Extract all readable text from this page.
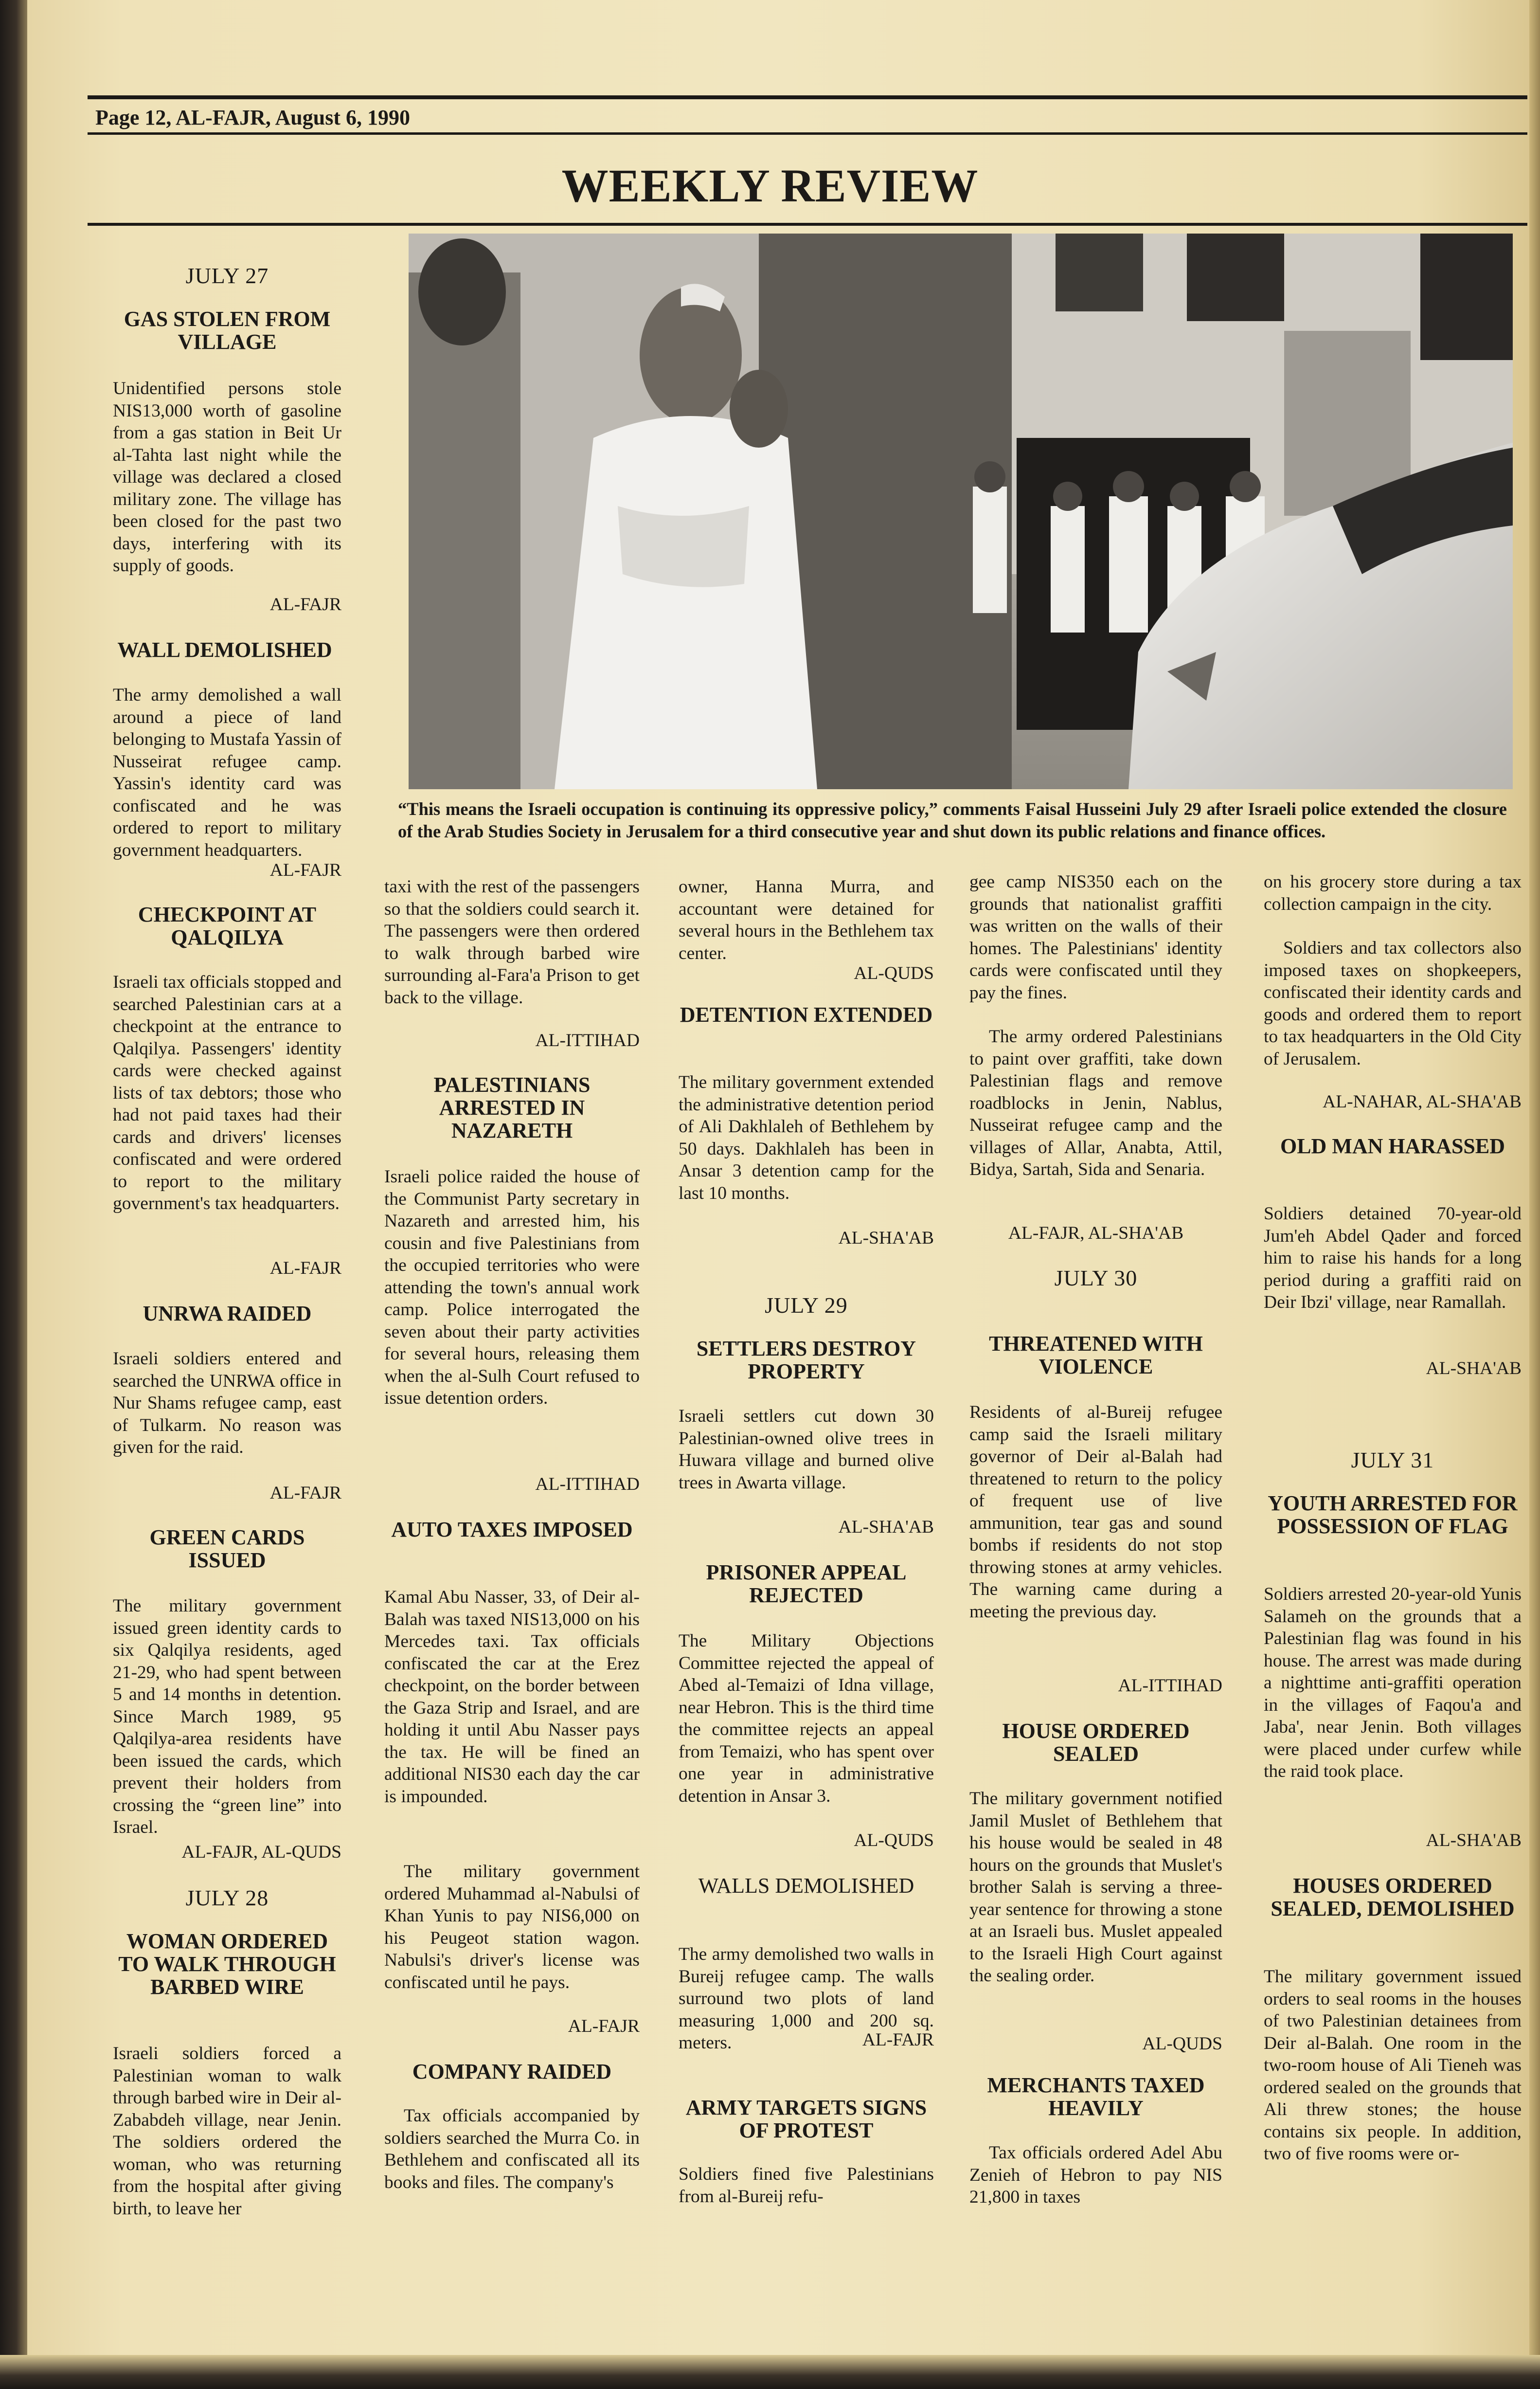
Page 12, AL-FAJR, August 6, 1990
WEEKLY REVIEW

“This means the Israeli occupation is continuing its oppressive policy,” comments Faisal Husseini July 29 after Israeli police extended the closure of the Arab Studies Society in Jerusalem for a third consecutive year and shut down its public relations and finance offices.

JULY 27

GAS STOLEN FROM VILLAGE

Unidentified persons stole NIS13,000 worth of gasoline from a gas station in Beit Ur al-Tahta last night while the village was declared a closed military zone. The village has been closed for the past two days, interfering with its supply of goods.

AL-FAJR

WALL DEMOLISHED

The army demolished a wall around a piece of land belonging to Mustafa Yassin of Nusseirat refugee camp. Yassin's identity card was confiscated and he was ordered to report to military government headquarters.

AL-FAJR

CHECKPOINT AT QALQILYA

Israeli tax officials stopped and searched Palestinian cars at a checkpoint at the entrance to Qalqilya. Passengers' identity cards were checked against lists of tax debtors; those who had not paid taxes had their cards and drivers' licenses confiscated and were ordered to report to the military government's tax headquarters.

AL-FAJR

UNRWA RAIDED

Israeli soldiers entered and searched the UNRWA office in Nur Shams refugee camp, east of Tulkarm. No reason was given for the raid.

AL-FAJR

GREEN CARDS ISSUED

The military government issued green identity cards to six Qalqilya residents, aged 21-29, who had spent between 5 and 14 months in detention. Since March 1989, 95 Qalqilya-area residents have been issued the cards, which prevent their holders from crossing the “green line” into Israel.

AL-FAJR, AL-QUDS

JULY 28

WOMAN ORDERED TO WALK THROUGH BARBED WIRE

Israeli soldiers forced a Palestinian woman to walk through barbed wire in Deir al-Zababdeh village, near Jenin. The soldiers ordered the woman, who was returning from the hospital after giving birth, to leave her

taxi with the rest of the passengers so that the soldiers could search it. The passengers were then ordered to walk through barbed wire surrounding al-Fara'a Prison to get back to the village.

AL-ITTIHAD

PALESTINIANS ARRESTED IN NAZARETH

Israeli police raided the house of the Communist Party secretary in Nazareth and arrested him, his cousin and five Palestinians from the occupied territories who were attending the town's annual work camp. Police interrogated the seven about their party activities for several hours, releasing them when the al-Sulh Court refused to issue detention orders.

AL-ITTIHAD

AUTO TAXES IMPOSED

Kamal Abu Nasser, 33, of Deir al-Balah was taxed NIS13,000 on his Mercedes taxi. Tax officials confiscated the car at the Erez checkpoint, on the border between the Gaza Strip and Israel, and are holding it until Abu Nasser pays the tax. He will be fined an additional NIS30 each day the car is impounded.

The military government ordered Muhammad al-Nabulsi of Khan Yunis to pay NIS6,000 on his Peugeot station wagon. Nabulsi's driver's license was confiscated until he pays.

AL-FAJR

COMPANY RAIDED

Tax officials accompanied by soldiers searched the Murra Co. in Bethlehem and confiscated all its books and files. The company's

owner, Hanna Murra, and accountant were detained for several hours in the Bethlehem tax center.

AL-QUDS

DETENTION EXTENDED

The military government extended the administrative detention period of Ali Dakhlaleh of Bethlehem by 50 days. Dakhlaleh has been in Ansar 3 detention camp for the last 10 months.

AL-SHA'AB

JULY 29

SETTLERS DESTROY PROPERTY

Israeli settlers cut down 30 Palestinian-owned olive trees in Huwara village and burned olive trees in Awarta village.

AL-SHA'AB

PRISONER APPEAL REJECTED

The Military Objections Committee rejected the appeal of Abed al-Temaizi of Idna village, near Hebron. This is the third time the committee rejects an appeal from Temaizi, who has spent over one year in administrative detention in Ansar 3.

AL-QUDS

WALLS DEMOLISHED

The army demolished two walls in Bureij refugee camp. The walls surround two plots of land measuring 1,000 and 200 sq. meters.	AL-FAJR

ARMY TARGETS SIGNS OF PROTEST

Soldiers fined five Palestinians from al-Bureij refu-

gee camp NIS350 each on the grounds that nationalist graffiti was written on the walls of their homes. The Palestinians' identity cards were confiscated until they pay the fines.

The army ordered Palestinians to paint over graffiti, take down Palestinian flags and remove roadblocks in Jenin, Nablus, Nusseirat refugee camp and the villages of Allar, Anabta, Attil, Bidya, Sartah, Sida and Senaria.

AL-FAJR, AL-SHA'AB

JULY 30

THREATENED WITH VIOLENCE

Residents of al-Bureij refugee camp said the Israeli military governor of Deir al-Balah had threatened to return to the policy of frequent use of live ammunition, tear gas and sound bombs if residents do not stop throwing stones at army vehicles. The warning came during a meeting the previous day.

AL-ITTIHAD

HOUSE ORDERED SEALED

The military government notified Jamil Muslet of Bethlehem that his house would be sealed in 48 hours on the grounds that Muslet's brother Salah is serving a three-year sentence for throwing a stone at an Israeli bus. Muslet appealed to the Israeli High Court against the sealing order.

AL-QUDS

MERCHANTS TAXED HEAVILY

Tax officials ordered Adel Abu Zenieh of Hebron to pay NIS 21,800 in taxes

on his grocery store during a tax collection campaign in the city.

Soldiers and tax collectors also imposed taxes on shopkeepers, confiscated their identity cards and goods and ordered them to report to tax headquarters in the Old City of Jerusalem.

AL-NAHAR, AL-SHA'AB

OLD MAN HARASSED

Soldiers detained 70-year-old Jum'eh Abdel Qader and forced him to raise his hands for a long period during a graffiti raid on Deir Ibzi' village, near Ramallah.

AL-SHA'AB

JULY 31

YOUTH ARRESTED FOR POSSESSION OF FLAG

Soldiers arrested 20-year-old Yunis Salameh on the grounds that a Palestinian flag was found in his house. The arrest was made during a nighttime anti-graffiti operation in the villages of Faqou'a and Jaba', near Jenin. Both villages were placed under curfew while the raid took place.

AL-SHA'AB

HOUSES ORDERED SEALED, DEMOLISHED

The military government issued orders to seal rooms in the houses of two Palestinian detainees from Deir al-Balah. One room in the two-room house of Ali Tieneh was ordered sealed on the grounds that Ali threw stones; the house contains six people. In addition, two of five rooms were or-
